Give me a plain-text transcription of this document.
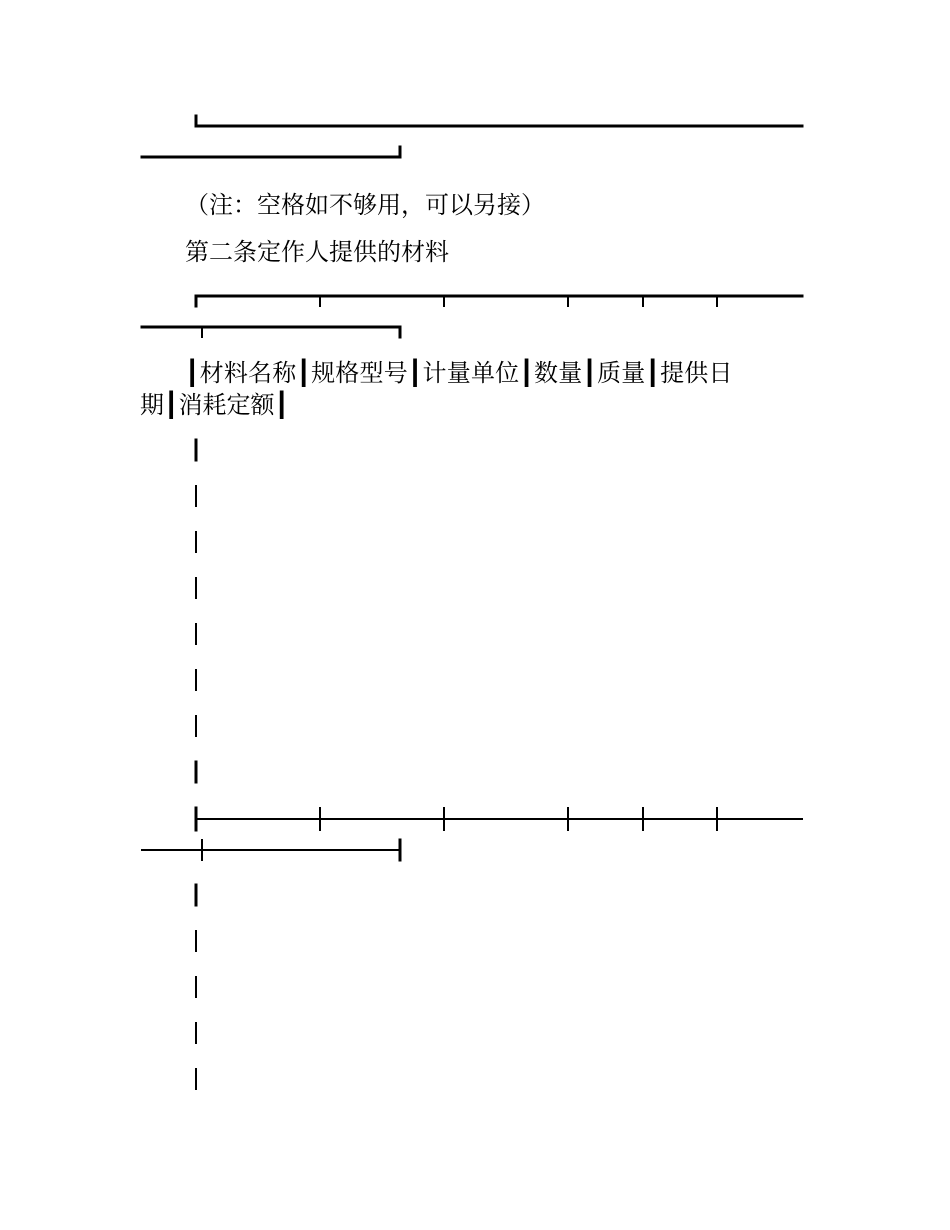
（注：空格如不够用，可以另接）
第二条定作人提供的材料
┃材料名称┃规格型号┃计量单位┃数量┃质量┃提供日
期┃消耗定额┃
